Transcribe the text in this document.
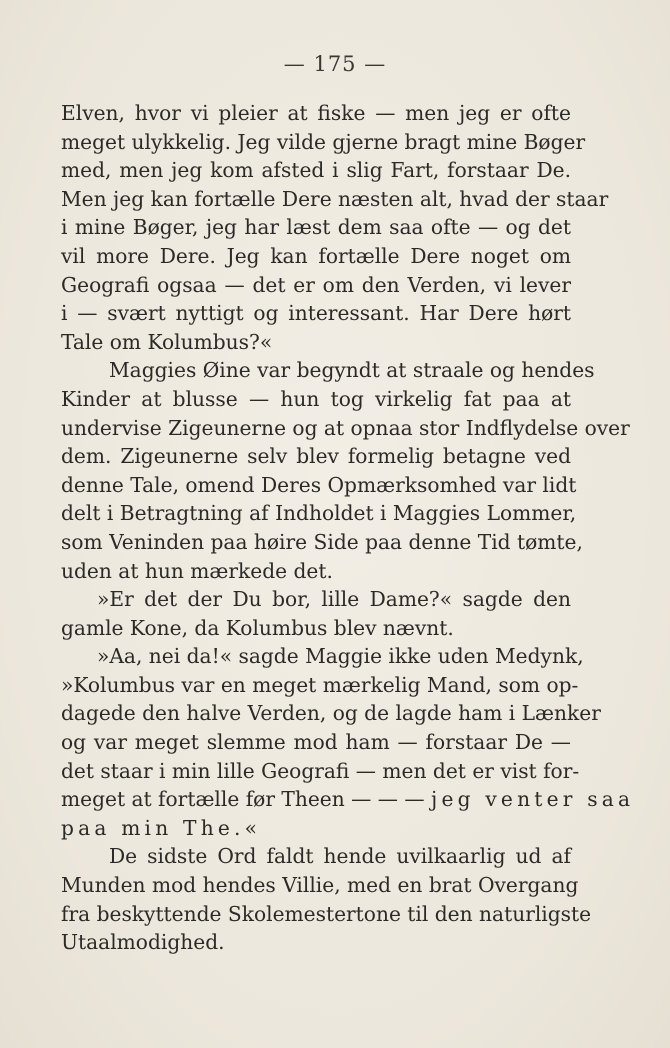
— 175 —
Elven, hvor vi pleier at fiske — men jeg er ofte
meget ulykkelig. Jeg vilde gjerne bragt mine Bøger
med, men jeg kom afsted i slig Fart, forstaar De.
Men jeg kan fortælle Dere næsten alt, hvad der staar
i mine Bøger, jeg har læst dem saa ofte — og det
vil more Dere. Jeg kan fortælle Dere noget om
Geografi ogsaa — det er om den Verden, vi lever
i — svært nyttigt og interessant. Har Dere hørt
Tale om Kolumbus?«
Maggies Øine var begyndt at straale og hendes
Kinder at blusse — hun tog virkelig fat paa at
undervise Zigeunerne og at opnaa stor Indflydelse over
dem. Zigeunerne selv blev formelig betagne ved
denne Tale, omend Deres Opmærksomhed var lidt
delt i Betragtning af Indholdet i Maggies Lommer,
som Veninden paa høire Side paa denne Tid tømte,
uden at hun mærkede det.
»Er det der Du bor, lille Dame?« sagde den
gamle Kone, da Kolumbus blev nævnt.
»Aa, nei da!« sagde Maggie ikke uden Medynk,
»Kolumbus var en meget mærkelig Mand, som op-
dagede den halve Verden, og de lagde ham i Lænker
og var meget slemme mod ham — forstaar De —
det staar i min lille Geografi — men det er vist for-
meget at fortælle før Theen — — — jeg venter saa
paa min The.«
De sidste Ord faldt hende uvilkaarlig ud af
Munden mod hendes Villie, med en brat Overgang
fra beskyttende Skolemestertone til den naturligste
Utaalmodighed.
